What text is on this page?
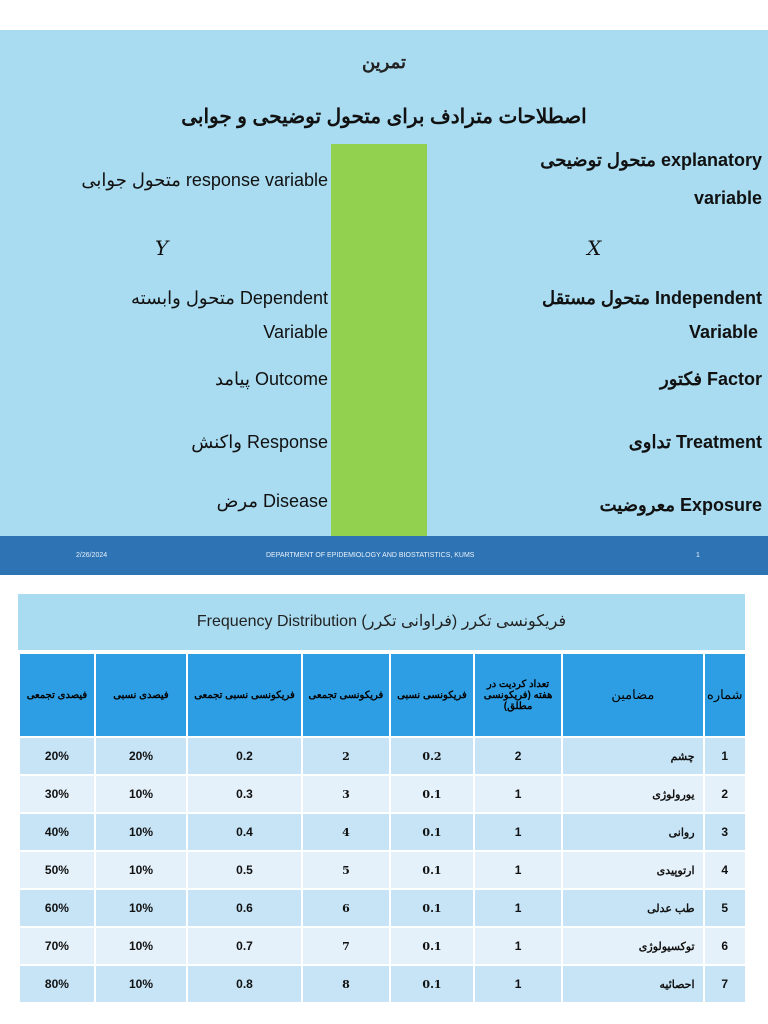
تمرین
اصطلاحات مترادف برای متحول توضیحی و جوابی
متحول توضیحی explanatory
variable
X
متحول مستقل Independent
Variable
فکتور Factor
تداوی Treatment
معروضیت Exposure
متحول جوابی response variable
Y
متحول وابسته Dependent
Variable
پیامد Outcome
واکنش Response
مرض Disease
2/26/2024	DEPARTMENT OF EPIDEMIOLOGY AND BIOSTATISTICS, KUMS	1
فریکونسی تکرر (فراوانی تکرر) Frequency Distribution
شماره	مضامین	تعداد کردیت در هفته (فریکونسی مطلق)	فریکونسی نسبی	فریکونسی تجمعی	فریکونسی نسبی تجمعی	فیصدی نسبی	فیصدی تجمعی
1	چشم	2	0.2	2	0.2	20%	20%
2	یورولوژی	1	0.1	3	0.3	10%	30%
3	روانی	1	0.1	4	0.4	10%	40%
4	ارتوپیدی	1	0.1	5	0.5	10%	50%
5	طب عدلی	1	0.1	6	0.6	10%	60%
6	توکسیولوژی	1	0.1	7	0.7	10%	70%
7	احصائیه	1	0.1	8	0.8	10%	80%
